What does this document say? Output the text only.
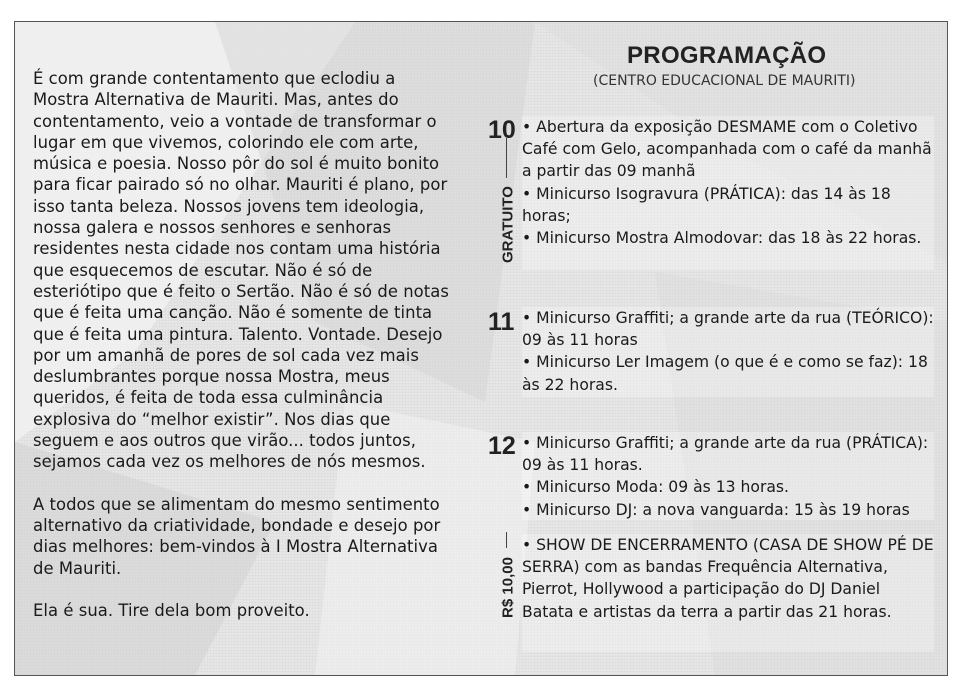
É com grande contentamento que eclodiu a Mostra Alternativa de Mauriti. Mas, antes do contentamento, veio a vontade de transformar o lugar em que vivemos, colorindo ele com arte, música e poesia. Nosso pôr do sol é muito bonito para ficar pairado só no olhar. Mauriti é plano, por isso tanta beleza. Nossos jovens tem ideologia, nossa galera e nossos senhores e senhoras residentes nesta cidade nos contam uma história que esquecemos de escutar. Não é só de esteriótipo que é feito o Sertão. Não é só de notas que é feita uma canção. Não é somente de tinta que é feita uma pintura. Talento. Vontade. Desejo por um amanhã de pores de sol cada vez mais deslumbrantes porque nossa Mostra, meus queridos, é feita de toda essa culminância explosiva do “melhor existir”. Nos dias que seguem e aos outros que virão... todos juntos, sejamos cada vez os melhores de nós mesmos.

A todos que se alimentam do mesmo sentimento alternativo da criatividade, bondade e desejo por dias melhores: bem-vindos à I Mostra Alternativa de Mauriti.

Ela é sua. Tire dela bom proveito.

PROGRAMAÇÃO
(CENTRO EDUCACIONAL DE MAURITI)
GRATUITO
R$ 10,00
10 • Abertura da exposição DESMAME com o Coletivo Café com Gelo, acompanhada com o café da manhã a partir das 09 manhã

• Minicurso Isogravura (PRÁTICA): das 14 às 18 horas;

• Minicurso Mostra Almodovar: das 18 às 22 horas.

11 • Minicurso Graffiti; a grande arte da rua (TEÓRICO): 09 às 11 horas

• Minicurso Ler Imagem (o que é e como se faz): 18 às 22 horas.

12 • Minicurso Graffiti; a grande arte da rua (PRÁTICA): 09 às 11 horas.

• Minicurso Moda: 09 às 13 horas.

• Minicurso DJ: a nova vanguarda: 15 às 19 horas

• SHOW DE ENCERRAMENTO (CASA DE SHOW PÉ DE SERRA) com as bandas Frequência Alternativa, Pierrot, Hollywood a participação do DJ Daniel Batata e artistas da terra a partir das 21 horas.
